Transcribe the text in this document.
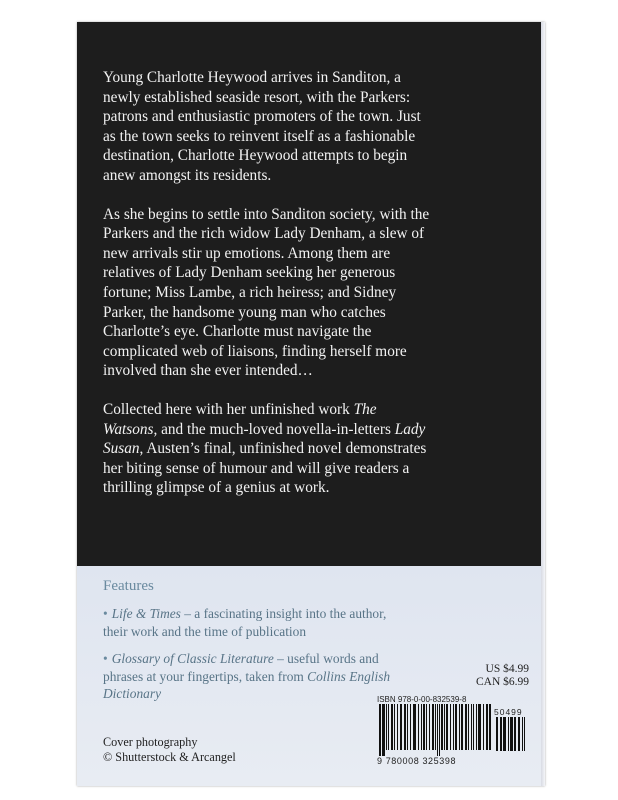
Young Charlotte Heywood arrives in Sanditon, a newly established seaside resort, with the Parkers: patrons and enthusiastic promoters of the town. Just as the town seeks to reinvent itself as a fashionable destination, Charlotte Heywood attempts to begin anew amongst its residents.

As she begins to settle into Sanditon society, with the Parkers and the rich widow Lady Denham, a slew of new arrivals stir up emotions. Among them are relatives of Lady Denham seeking her generous fortune; Miss Lambe, a rich heiress; and Sidney Parker, the handsome young man who catches Charlotte’s eye. Charlotte must navigate the complicated web of liaisons, finding herself more involved than she ever intended…

Collected here with her unfinished work The Watsons, and the much-loved novella-in-letters Lady Susan, Austen’s final, unfinished novel demonstrates her biting sense of humour and will give readers a thrilling glimpse of a genius at work.

Features
• Life & Times – a fascinating insight into the author, their work and the time of publication
• Glossary of Classic Literature – useful words and phrases at your fingertips, taken from Collins English Dictionary
US $4.99
CAN $6.99
Cover photography
© Shutterstock & Arcangel
ISBN 978-0-00-832539-8
50499
9 780008 325398
